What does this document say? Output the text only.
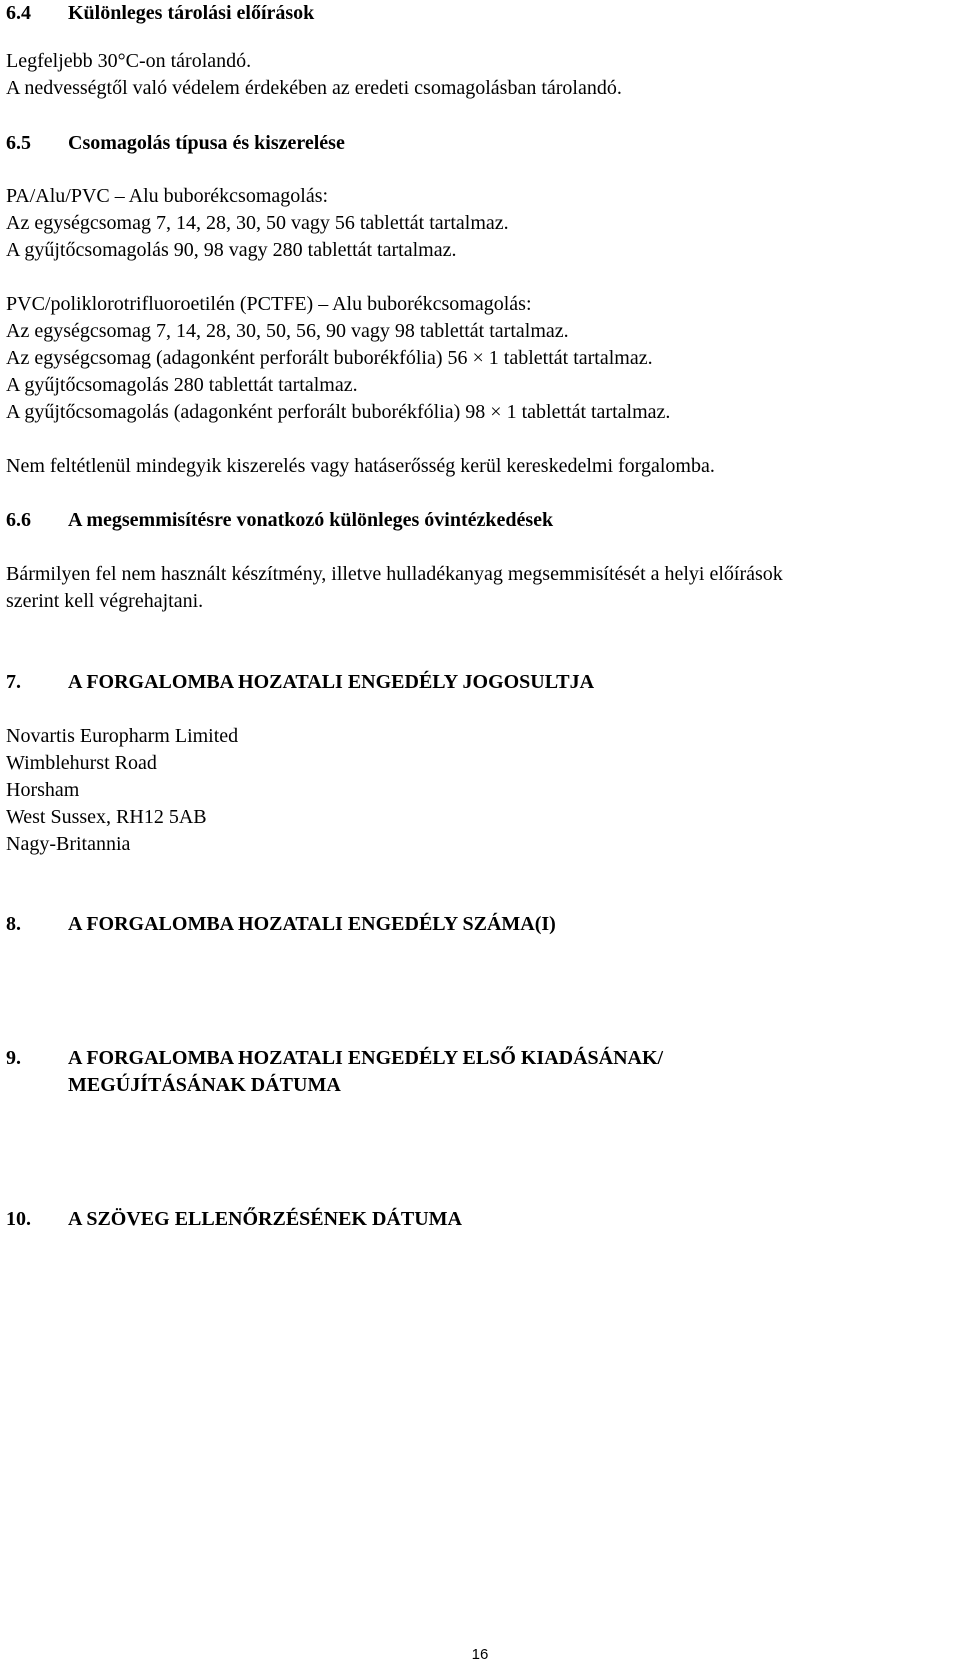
6.4 Különleges tárolási előírások
Legfeljebb 30°C-on tárolandó.
A nedvességtől való védelem érdekében az eredeti csomagolásban tárolandó.
6.5 Csomagolás típusa és kiszerelése
PA/Alu/PVC – Alu buborékcsomagolás:
Az egységcsomag 7, 14, 28, 30, 50 vagy 56 tablettát tartalmaz.
A gyűjtőcsomagolás 90, 98 vagy 280 tablettát tartalmaz.
PVC/poliklorotrifluoroetilén (PCTFE) – Alu buborékcsomagolás:
Az egységcsomag 7, 14, 28, 30, 50, 56, 90 vagy 98 tablettát tartalmaz.
Az egységcsomag (adagonként perforált buborékfólia) 56 × 1 tablettát tartalmaz.
A gyűjtőcsomagolás 280 tablettát tartalmaz.
A gyűjtőcsomagolás (adagonként perforált buborékfólia) 98 × 1 tablettát tartalmaz.
Nem feltétlenül mindegyik kiszerelés vagy hatáserősség kerül kereskedelmi forgalomba.
6.6 A megsemmisítésre vonatkozó különleges óvintézkedések
Bármilyen fel nem használt készítmény, illetve hulladékanyag megsemmisítését a helyi előírások
szerint kell végrehajtani.
7. A FORGALOMBA HOZATALI ENGEDÉLY JOGOSULTJA
Novartis Europharm Limited
Wimblehurst Road
Horsham
West Sussex, RH12 5AB
Nagy-Britannia
8. A FORGALOMBA HOZATALI ENGEDÉLY SZÁMA(I)
9. A FORGALOMBA HOZATALI ENGEDÉLY ELSŐ KIADÁSÁNAK/
MEGÚJÍTÁSÁNAK DÁTUMA
10. A SZÖVEG ELLENŐRZÉSÉNEK DÁTUMA
16
